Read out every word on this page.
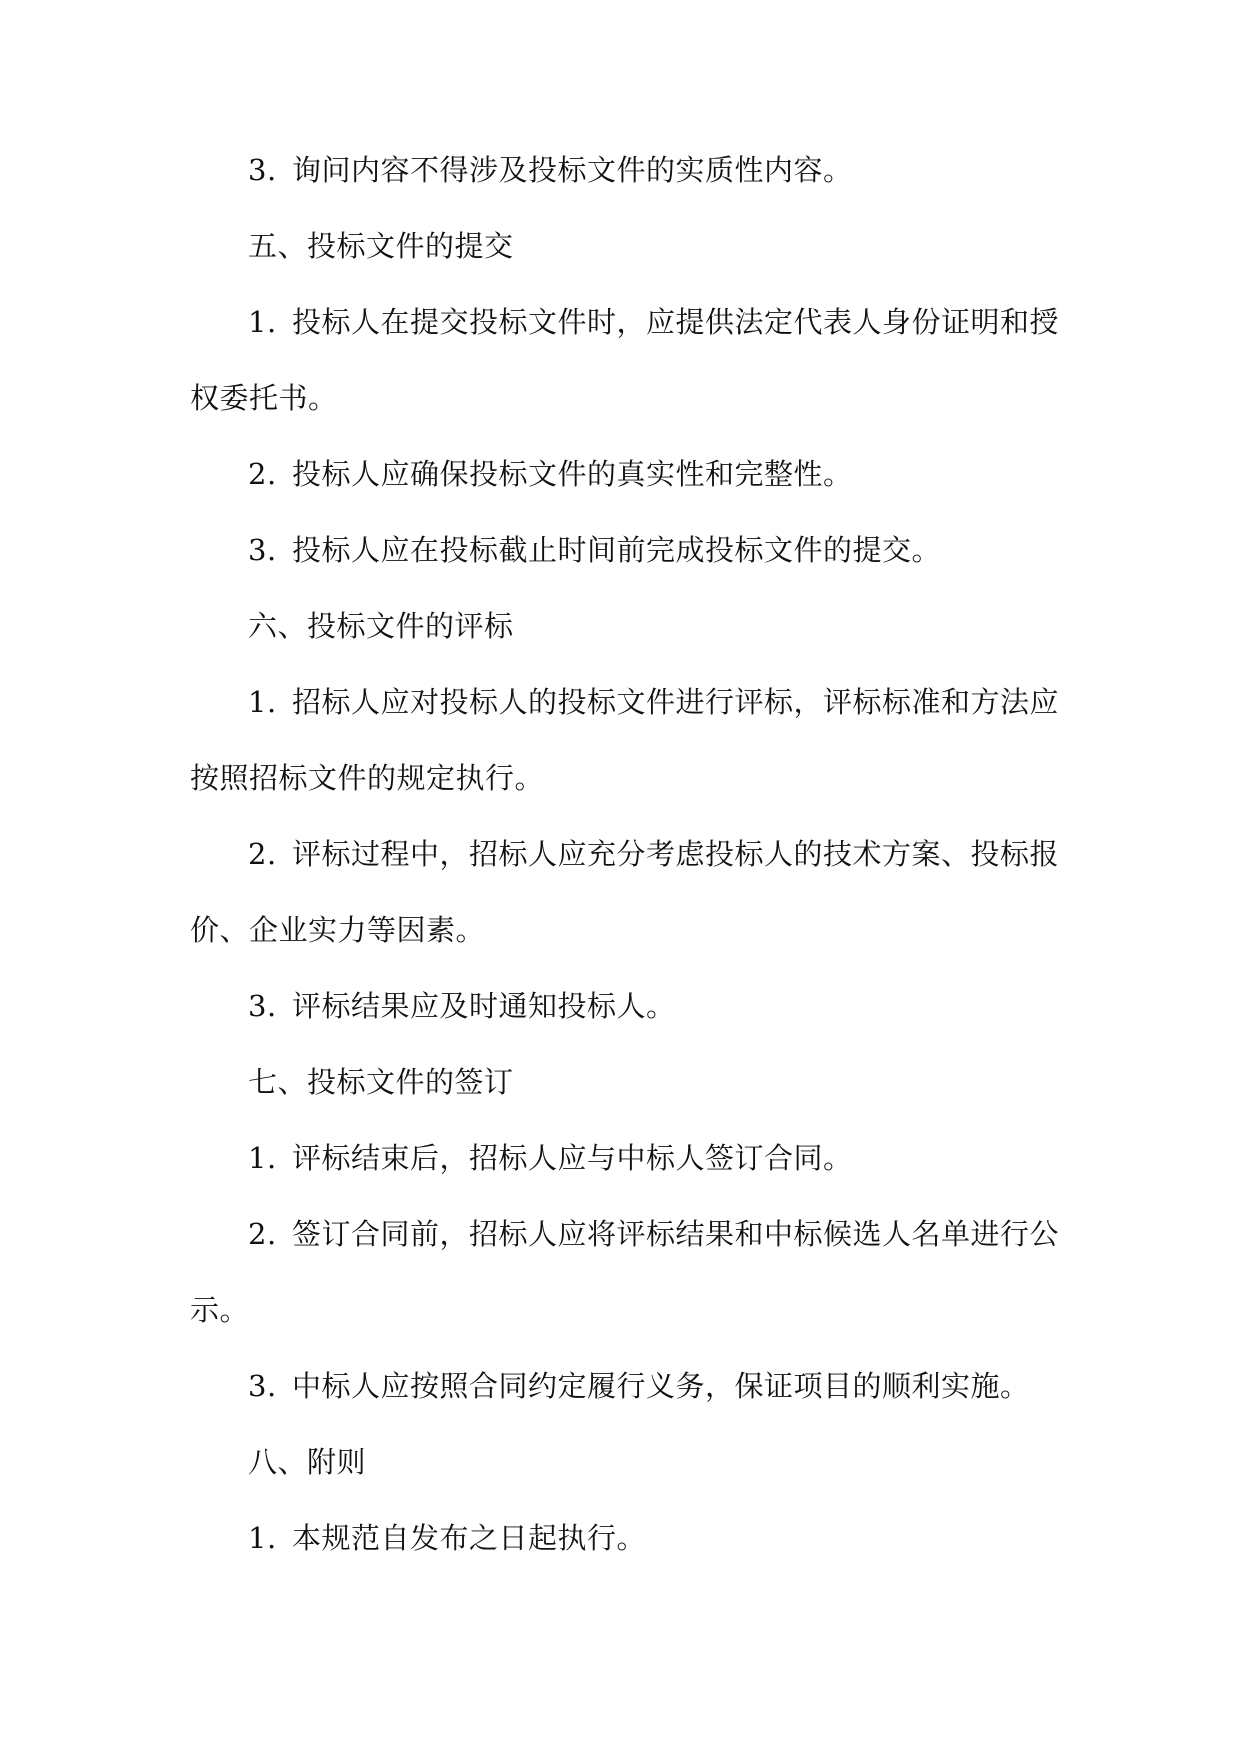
3. 询问内容不得涉及投标文件的实质性内容。
五、投标文件的提交
1. 投标人在提交投标文件时，应提供法定代表人身份证明和授
权委托书。
2. 投标人应确保投标文件的真实性和完整性。
3. 投标人应在投标截止时间前完成投标文件的提交。
六、投标文件的评标
1. 招标人应对投标人的投标文件进行评标，评标标准和方法应
按照招标文件的规定执行。
2. 评标过程中，招标人应充分考虑投标人的技术方案、投标报
价、企业实力等因素。
3. 评标结果应及时通知投标人。
七、投标文件的签订
1. 评标结束后，招标人应与中标人签订合同。
2. 签订合同前，招标人应将评标结果和中标候选人名单进行公
示。
3. 中标人应按照合同约定履行义务，保证项目的顺利实施。
八、附则
1. 本规范自发布之日起执行。
